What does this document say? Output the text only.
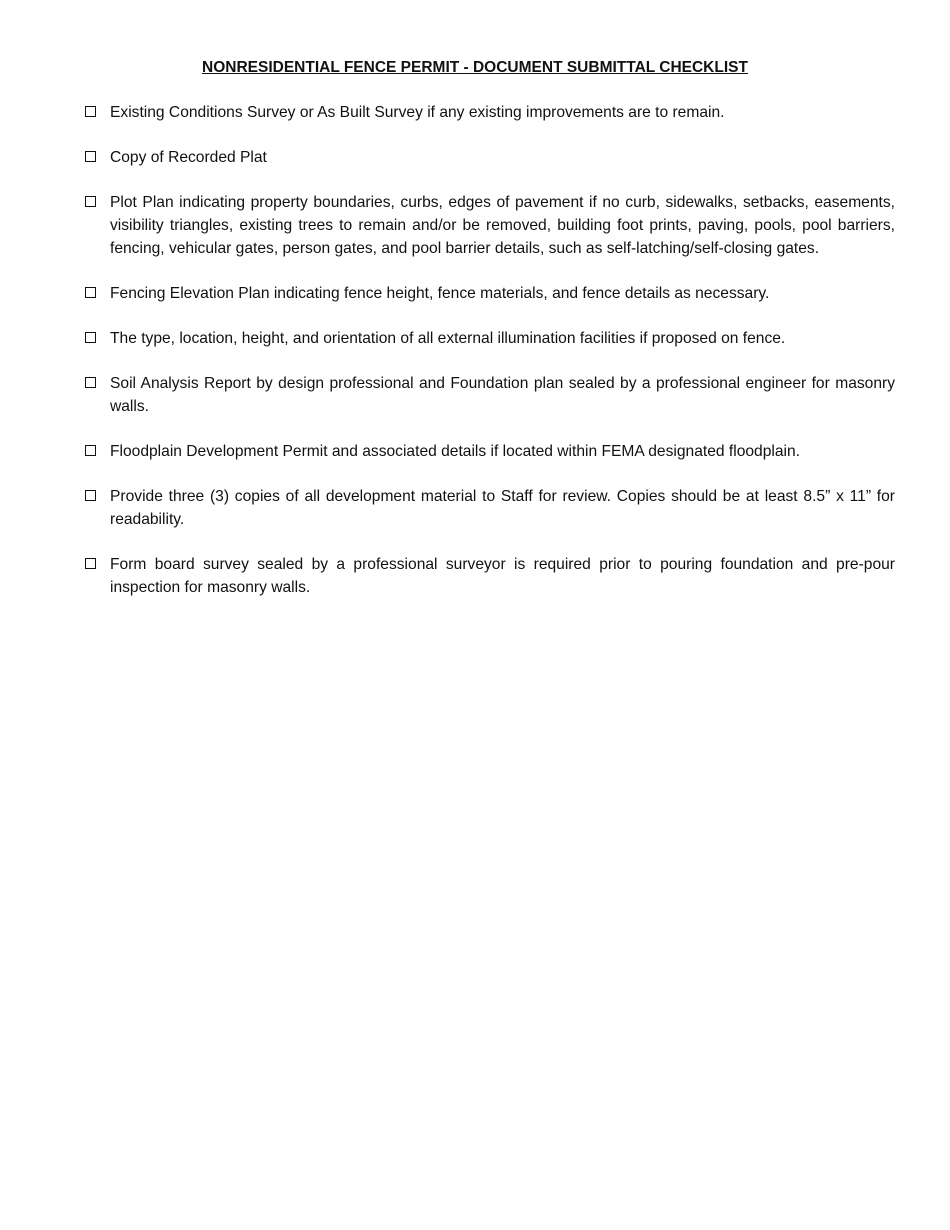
NONRESIDENTIAL FENCE PERMIT - DOCUMENT SUBMITTAL CHECKLIST
Existing Conditions Survey or As Built Survey if any existing improvements are to remain.
Copy of Recorded Plat
Plot Plan indicating property boundaries, curbs, edges of pavement if no curb, sidewalks, setbacks, easements, visibility triangles, existing trees to remain and/or be removed, building foot prints, paving, pools, pool barriers, fencing, vehicular gates, person gates, and pool barrier details, such as self-latching/self-closing gates.
Fencing Elevation Plan indicating fence height, fence materials, and fence details as necessary.
The type, location, height, and orientation of all external illumination facilities if proposed on fence.
Soil Analysis Report by design professional and Foundation plan sealed by a professional engineer for masonry walls.
Floodplain Development Permit and associated details if located within FEMA designated floodplain.
Provide three (3) copies of all development material to Staff for review. Copies should be at least 8.5” x 11” for readability.
Form board survey sealed by a professional surveyor is required prior to pouring foundation and pre-pour inspection for masonry walls.
